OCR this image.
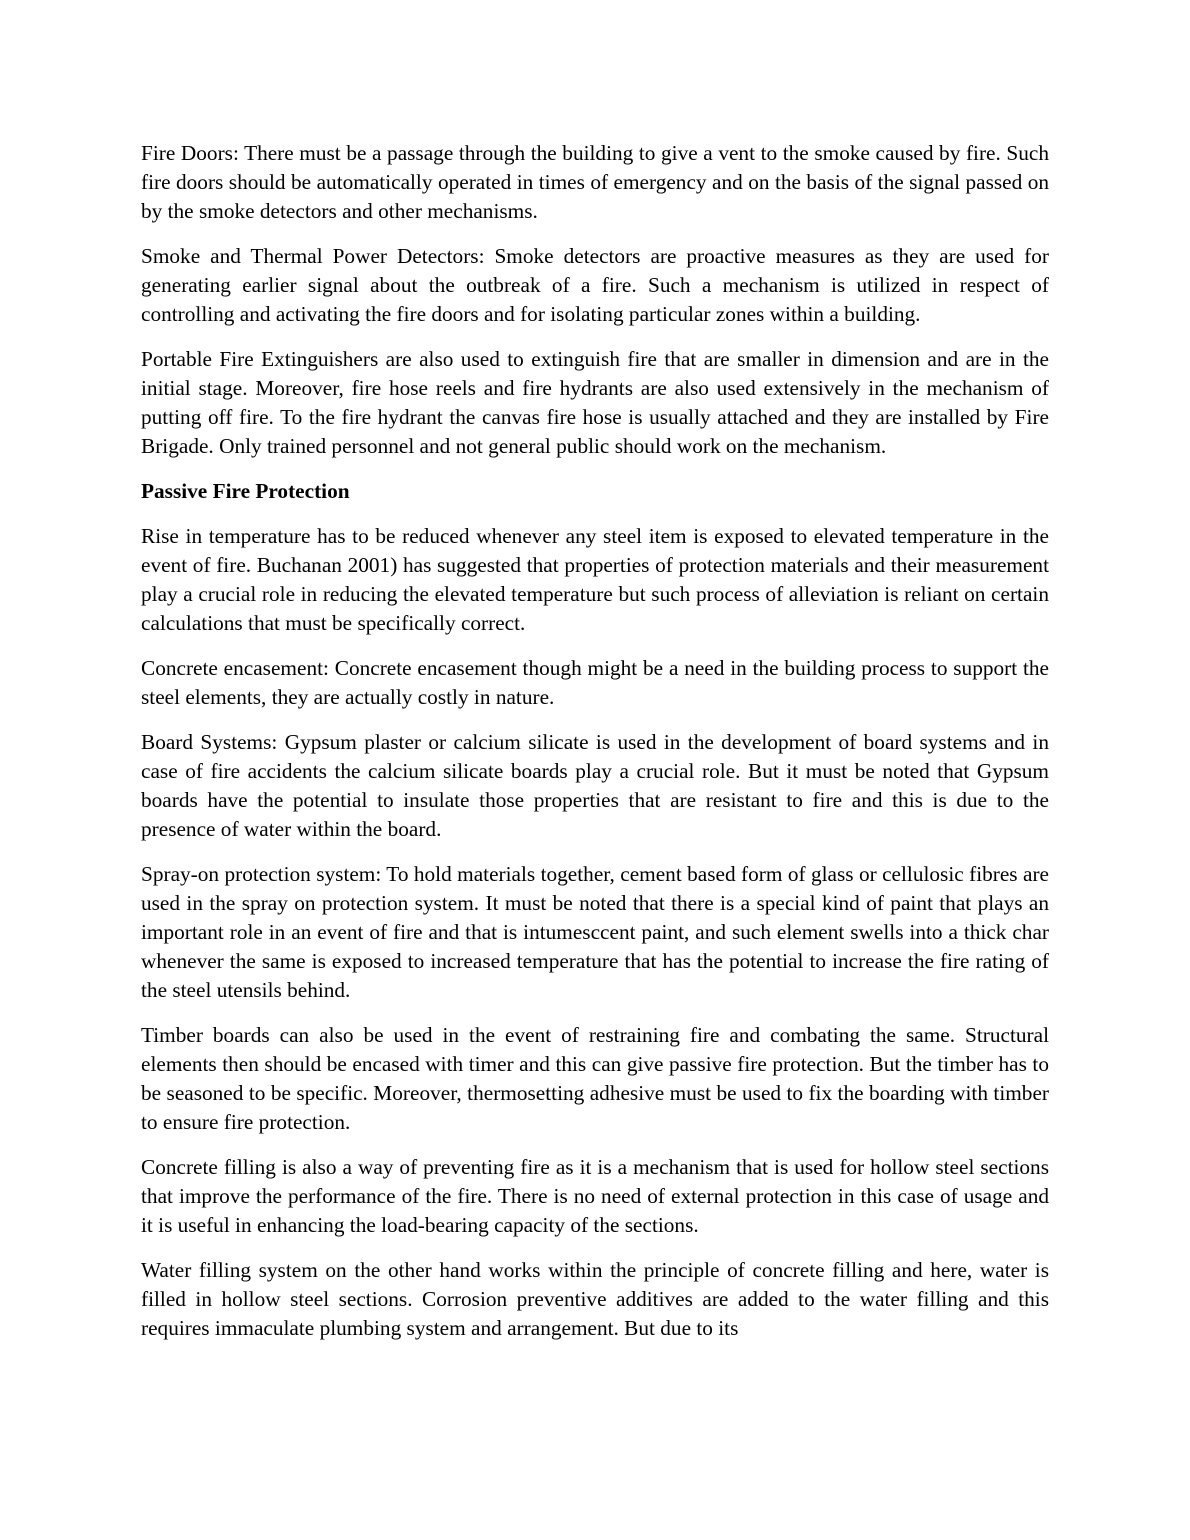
Fire Doors: There must be a passage through the building to give a vent to the smoke caused by fire. Such fire doors should be automatically operated in times of emergency and on the basis of the signal passed on by the smoke detectors and other mechanisms.

Smoke and Thermal Power Detectors: Smoke detectors are proactive measures as they are used for generating earlier signal about the outbreak of a fire. Such a mechanism is utilized in respect of controlling and activating the fire doors and for isolating particular zones within a building.

Portable Fire Extinguishers are also used to extinguish fire that are smaller in dimension and are in the initial stage. Moreover, fire hose reels and fire hydrants are also used extensively in the mechanism of putting off fire. To the fire hydrant the canvas fire hose is usually attached and they are installed by Fire Brigade. Only trained personnel and not general public should work on the mechanism.

Passive Fire Protection

Rise in temperature has to be reduced whenever any steel item is exposed to elevated temperature in the event of fire. Buchanan 2001) has suggested that properties of protection materials and their measurement play a crucial role in reducing the elevated temperature but such process of alleviation is reliant on certain calculations that must be specifically correct.

Concrete encasement: Concrete encasement though might be a need in the building process to support the steel elements, they are actually costly in nature.

Board Systems: Gypsum plaster or calcium silicate is used in the development of board systems and in case of fire accidents the calcium silicate boards play a crucial role. But it must be noted that Gypsum boards have the potential to insulate those properties that are resistant to fire and this is due to the presence of water within the board.

Spray-on protection system: To hold materials together, cement based form of glass or cellulosic fibres are used in the spray on protection system. It must be noted that there is a special kind of paint that plays an important role in an event of fire and that is intumesccent paint, and such element swells into a thick char whenever the same is exposed to increased temperature that has the potential to increase the fire rating of the steel utensils behind.

Timber boards can also be used in the event of restraining fire and combating the same. Structural elements then should be encased with timer and this can give passive fire protection. But the timber has to be seasoned to be specific. Moreover, thermosetting adhesive must be used to fix the boarding with timber to ensure fire protection.

Concrete filling is also a way of preventing fire as it is a mechanism that is used for hollow steel sections that improve the performance of the fire. There is no need of external protection in this case of usage and it is useful in enhancing the load-bearing capacity of the sections.

Water filling system on the other hand works within the principle of concrete filling and here, water is filled in hollow steel sections. Corrosion preventive additives are added to the water filling and this requires immaculate plumbing system and arrangement. But due to its
